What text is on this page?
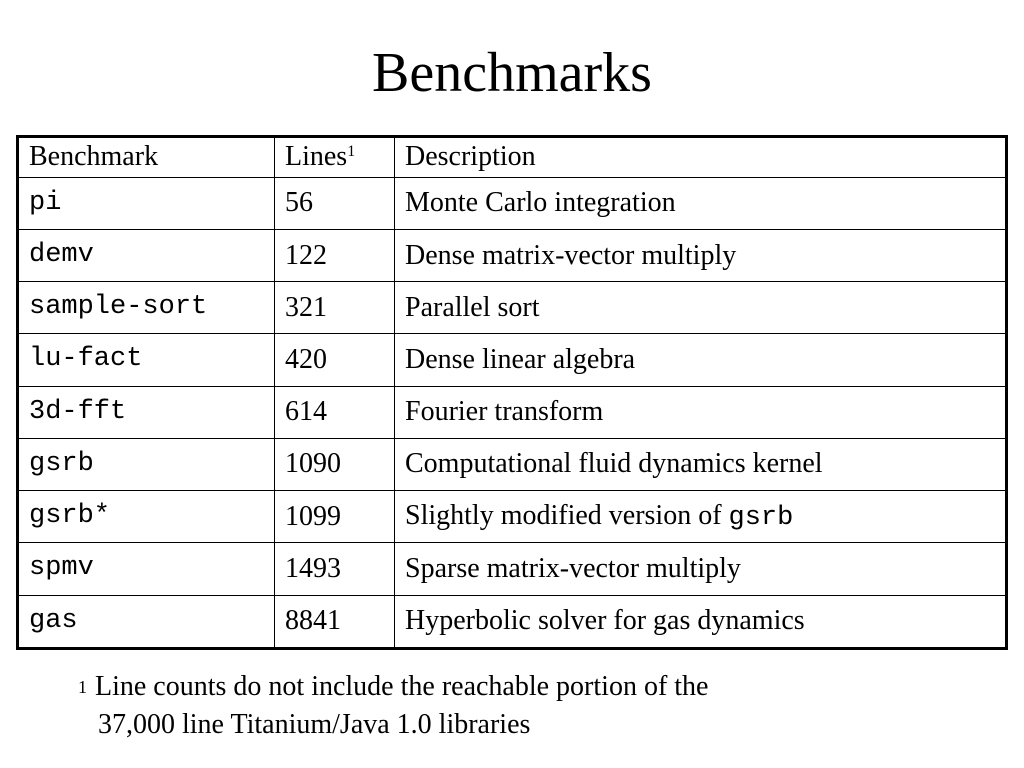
Benchmarks
Benchmark	Lines$^1$	Description
pi	56	Monte Carlo integration
demv	122	Dense matrix-vector multiply
sample-sort	321	Parallel sort
lu-fact	420	Dense linear algebra
3d-fft	614	Fourier transform
gsrb	1090	Computational fluid dynamics kernel
gsrb*	1099	Slightly modified version of gsrb
spmv	1493	Sparse matrix-vector multiply
gas	8841	Hyperbolic solver for gas dynamics
$^1$ Line counts do not include the reachable portion of the
37,000 line Titanium/Java 1.0 libraries
